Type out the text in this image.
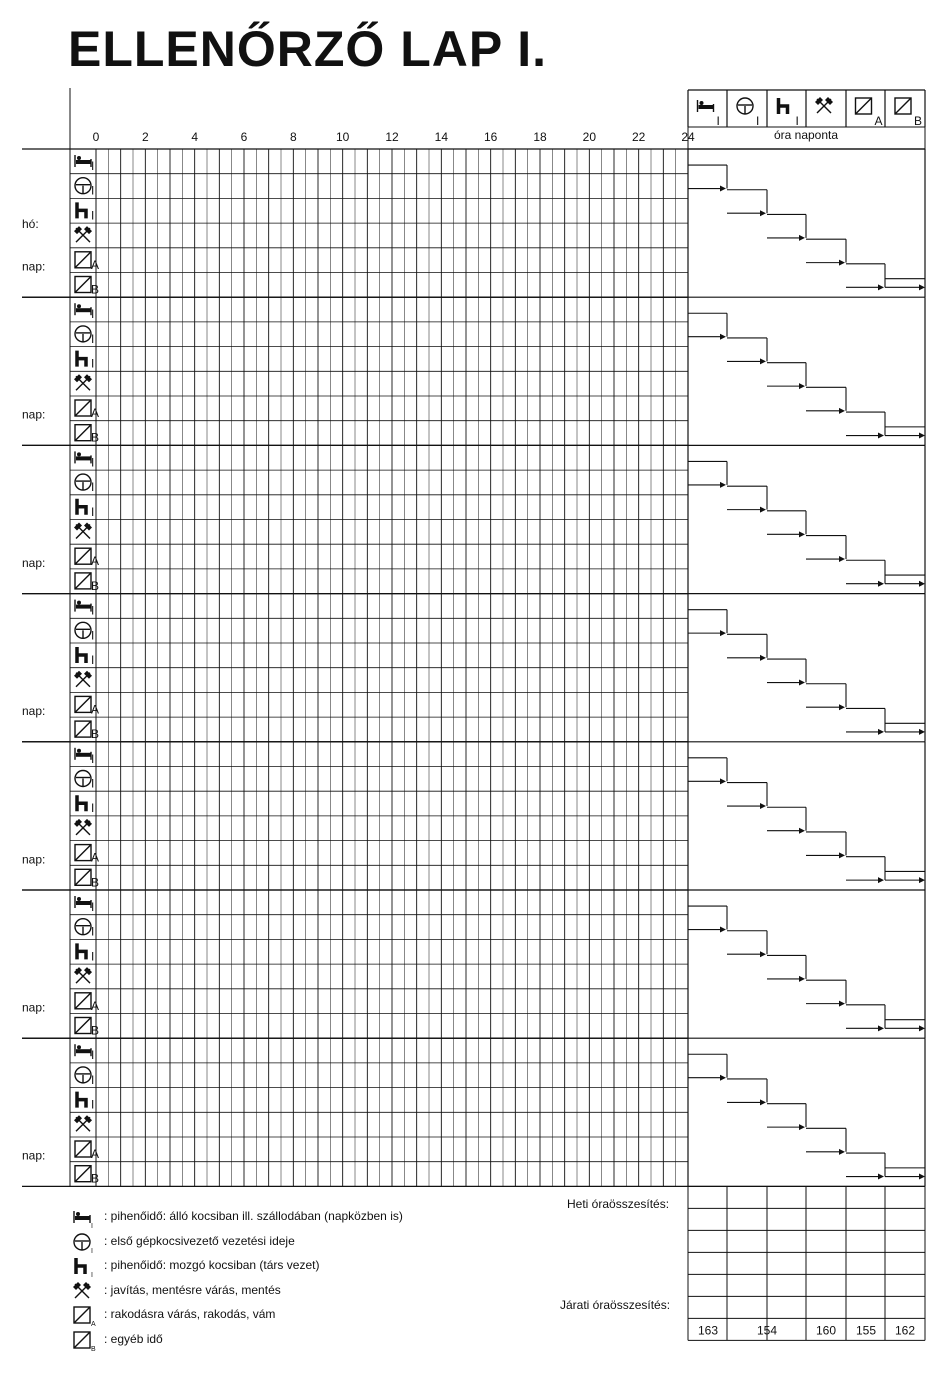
ELLENŐRZŐ LAP I.
0	2	4	6	8	10	12	14	16	18	20	22	24
I	I	I	A	B
óra naponta
I
I
I
A
B
hó:
nap:
I
I
I
A
B
nap:
I
I
I
A
B
nap:
I
I
I
A
B
nap:
I
I
I
A
B
nap:
I
I
I
A
B
nap:
I
I
I
A
B
nap:
163	154	160 155 162
Heti óraösszesítés:
Járati óraösszesítés:
I
: pihenőidő: álló kocsiban ill. szállodában (napközben is)
I
: első gépkocsivezető vezetési ideje
I
: pihenőidő: mozgó kocsiban (társ vezet)
: javítás, mentésre várás, mentés
A
: rakodásra várás, rakodás, vám
B
: egyéb idő
